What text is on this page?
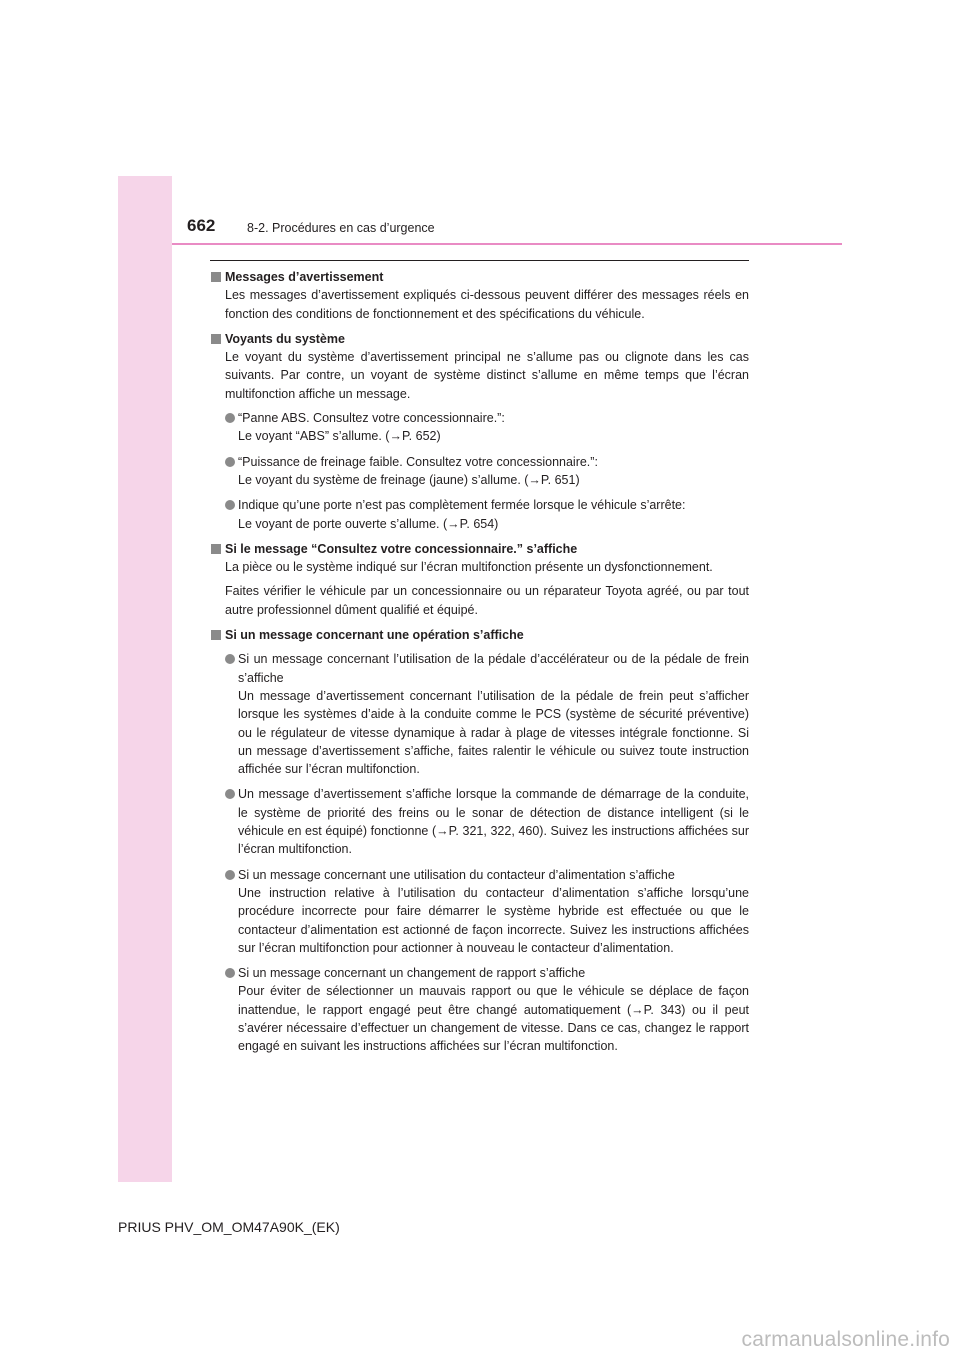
662	8-2. Procédures en cas d’urgence
Messages d’avertissement
Les messages d’avertissement expliqués ci-dessous peuvent différer des messages réels en fonction des conditions de fonctionnement et des spécifications du véhicule.
Voyants du système
Le voyant du système d’avertissement principal ne s’allume pas ou clignote dans les cas suivants. Par contre, un voyant de système distinct s’allume en même temps que l’écran multifonction affiche un message.
“Panne ABS. Consultez votre concessionnaire.”:
Le voyant “ABS” s’allume. (→P. 652)
“Puissance de freinage faible. Consultez votre concessionnaire.”:
Le voyant du système de freinage (jaune) s’allume. (→P. 651)
Indique qu’une porte n’est pas complètement fermée lorsque le véhicule s’arrête:
Le voyant de porte ouverte s’allume. (→P. 654)
Si le message “Consultez votre concessionnaire.” s’affiche
La pièce ou le système indiqué sur l’écran multifonction présente un dysfonctionnement.
Faites vérifier le véhicule par un concessionnaire ou un réparateur Toyota agréé, ou par tout autre professionnel dûment qualifié et équipé.
Si un message concernant une opération s’affiche
Si un message concernant l’utilisation de la pédale d’accélérateur ou de la pédale de frein s’affiche
Un message d’avertissement concernant l’utilisation de la pédale de frein peut s’afficher lorsque les systèmes d’aide à la conduite comme le PCS (système de sécurité préventive) ou le régulateur de vitesse dynamique à radar à plage de vitesses intégrale fonctionne. Si un message d’avertissement s’affiche, faites ralentir le véhicule ou suivez toute instruction affichée sur l’écran multifonction.
Un message d’avertissement s’affiche lorsque la commande de démarrage de la conduite, le système de priorité des freins ou le sonar de détection de distance intelligent (si le véhicule en est équipé) fonctionne (→P. 321, 322, 460). Suivez les instructions affichées sur l’écran multifonction.
Si un message concernant une utilisation du contacteur d’alimentation s’affiche
Une instruction relative à l’utilisation du contacteur d’alimentation s’affiche lorsqu’une procédure incorrecte pour faire démarrer le système hybride est effectuée ou que le contacteur d’alimentation est actionné de façon incorrecte. Suivez les instructions affichées sur l’écran multifonction pour actionner à nouveau le contacteur d’alimentation.
Si un message concernant un changement de rapport s’affiche
Pour éviter de sélectionner un mauvais rapport ou que le véhicule se déplace de façon inattendue, le rapport engagé peut être changé automatiquement (→P. 343) ou il peut s’avérer nécessaire d’effectuer un changement de vitesse. Dans ce cas, changez le rapport engagé en suivant les instructions affichées sur l’écran multifonction.
PRIUS PHV_OM_OM47A90K_(EK)
carmanualsonline.info
